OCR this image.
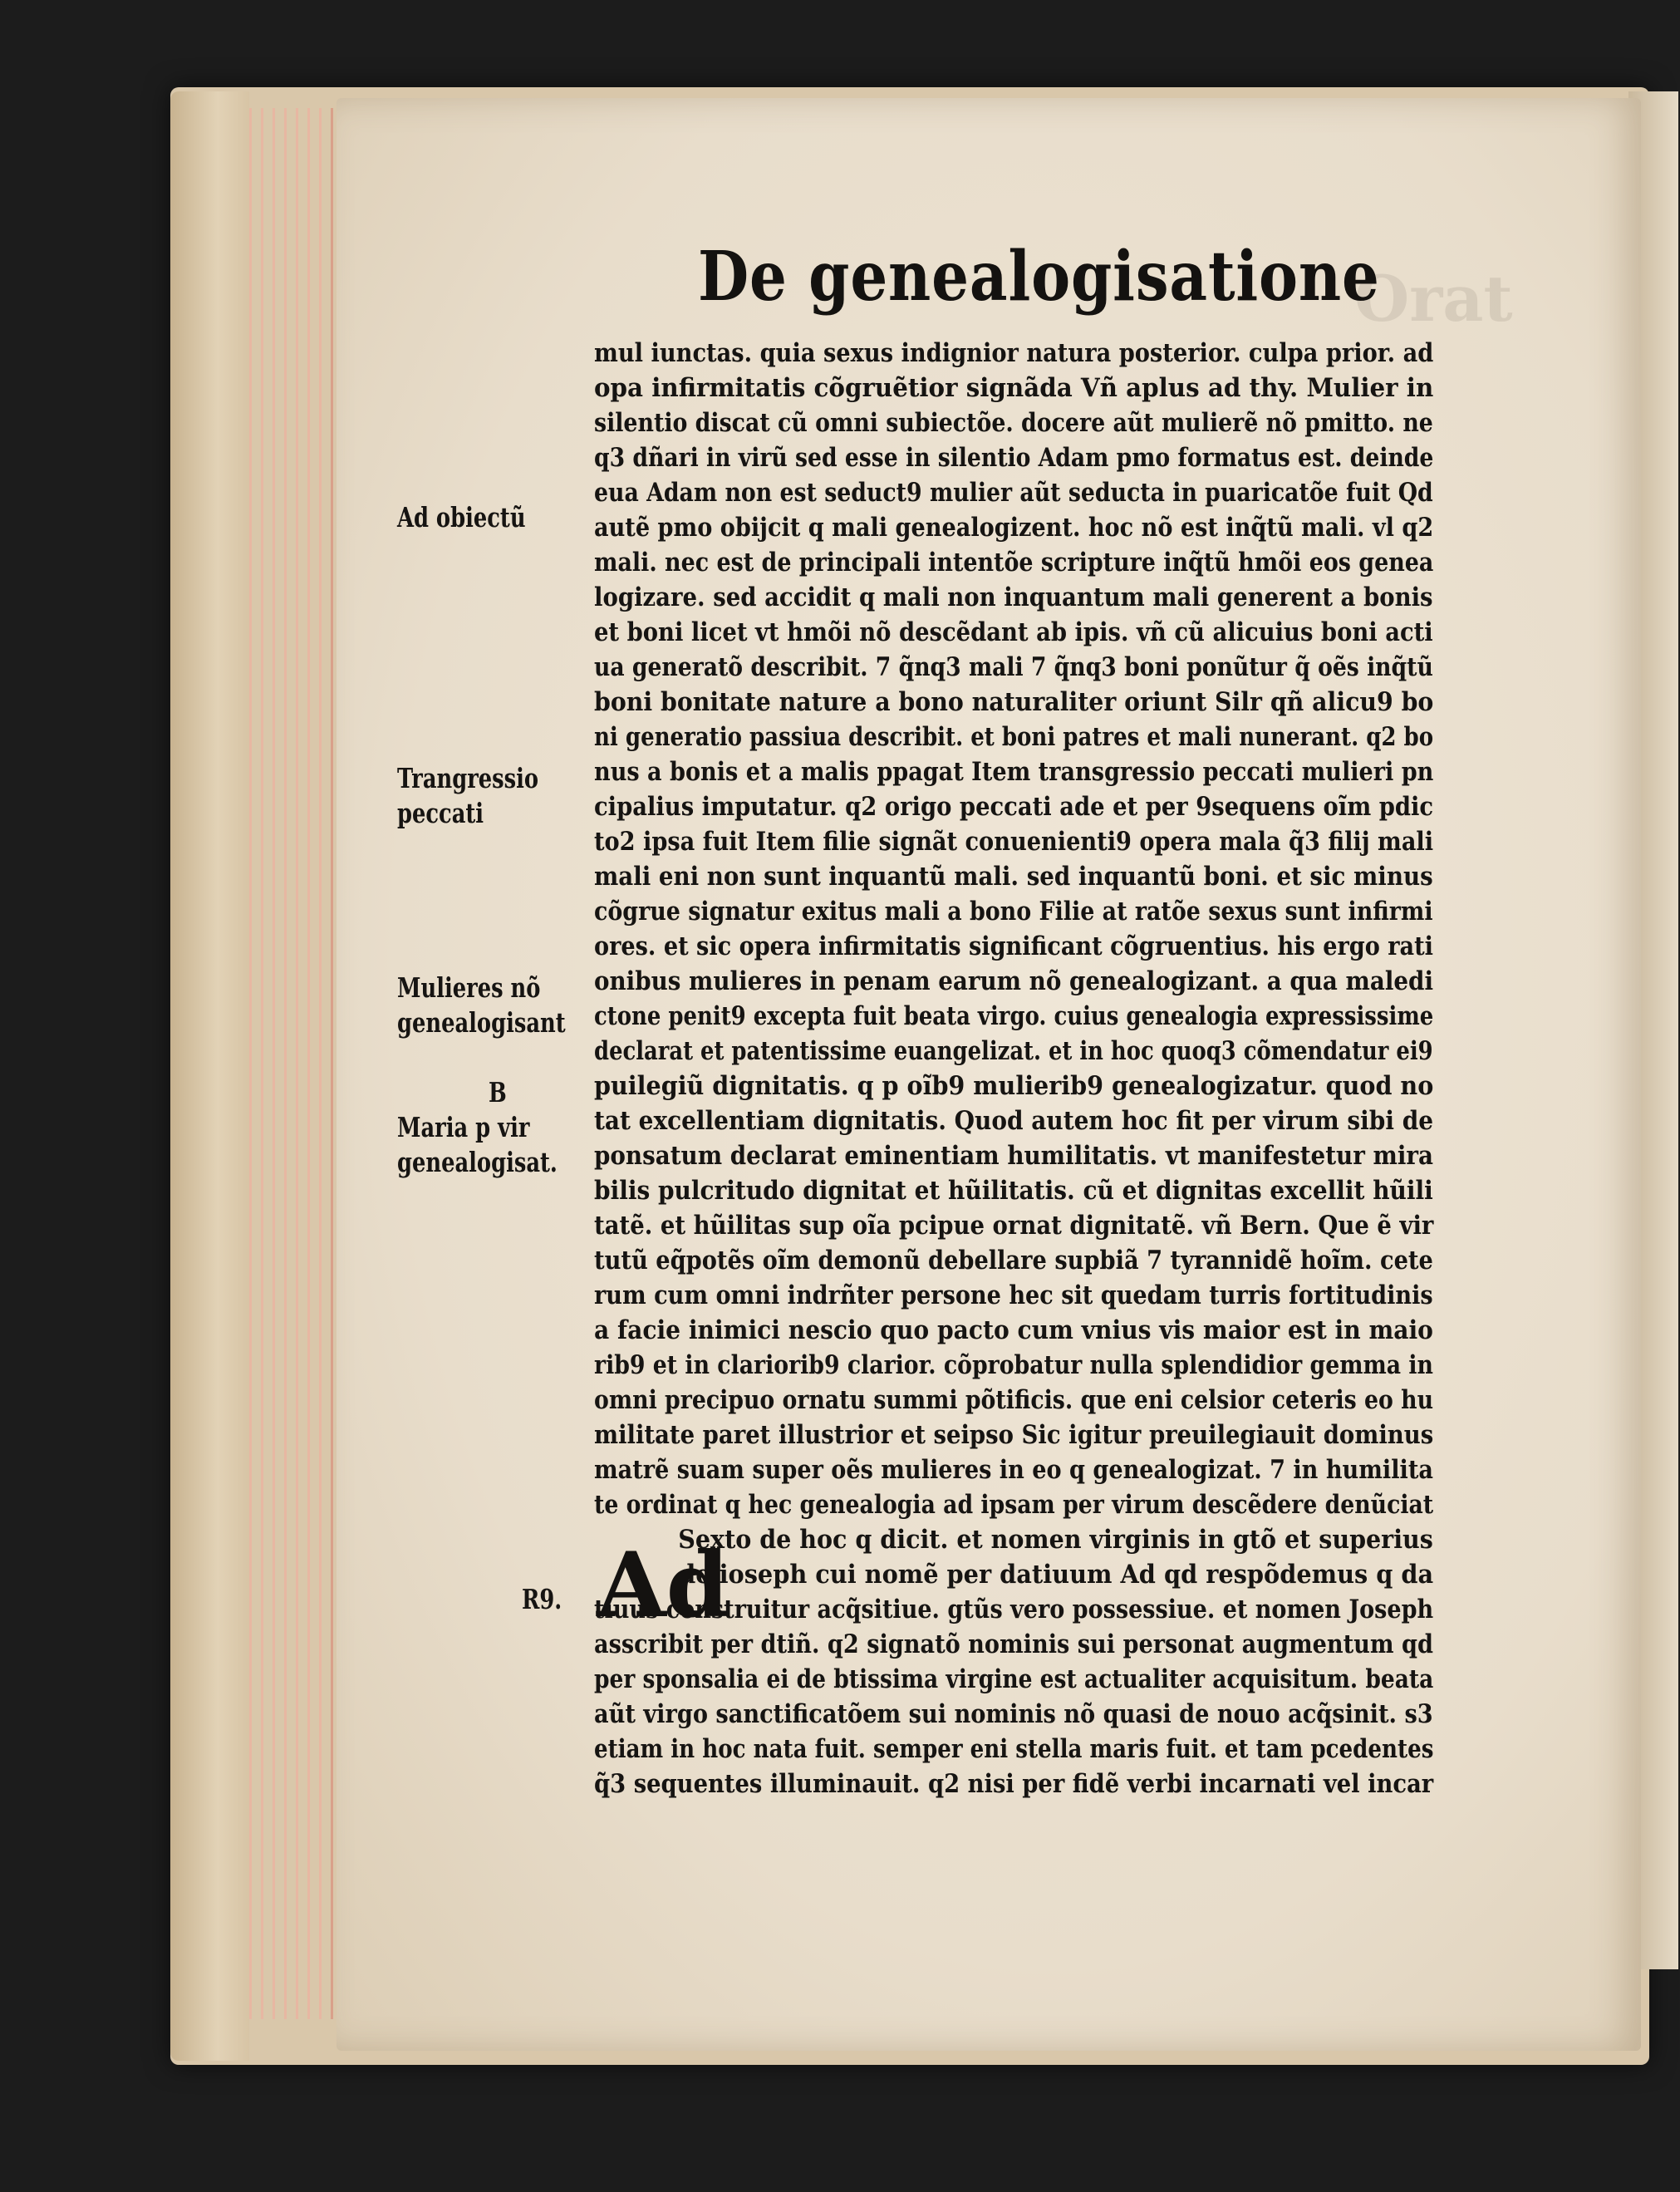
Orat
De genealogisatione
mul iunctas. quia sexus indignior natura posterior. culpa prior. ad
opa infirmitatis cõgruẽtior signãda Vñ aplus ad thy. Mulier in
silentio discat cũ omni subiectõe. docere aũt mulierẽ nõ pmitto. ne
q3 dñari in virũ sed esse in silentio Adam pmo formatus est. deinde
eua Adam non est seduct9 mulier aũt seducta in puaricatõe fuit Qd
autẽ pmo obijcit q mali genealogizent. hoc nõ est inq̃tũ mali. vl q2
mali. nec est de principali intentõe scripture inq̃tũ hmõi eos genea
logizare. sed accidit q mali non inquantum mali generent a bonis
et boni licet vt hmõi nõ descẽdant ab ipis. vñ cũ alicuius boni acti
ua generatõ describit. 7 q̃nq3 mali 7 q̃nq3 boni ponũtur q̃ oẽs inq̃tũ
boni bonitate nature a bono naturaliter oriunt Silr qñ alicu9 bo
ni generatio passiua describit. et boni patres et mali nunerant. q2 bo
nus a bonis et a malis ppagat Item transgressio peccati mulieri pn
cipalius imputatur. q2 origo peccati ade et per 9sequens oĩm pdic
to2 ipsa fuit Item filie signãt conuenienti9 opera mala q̃3 filij mali
mali eni non sunt inquantũ mali. sed inquantũ boni. et sic minus
cõgrue signatur exitus mali a bono Filie at ratõe sexus sunt infirmi
ores. et sic opera infirmitatis significant cõgruentius. his ergo rati
onibus mulieres in penam earum nõ genealogizant. a qua maledi
ctone penit9 excepta fuit beata virgo. cuius genealogia expressissime
declarat et patentissime euangelizat. et in hoc quoq3 cõmendatur ei9
puilegiũ dignitatis. q p oĩb9 mulierib9 genealogizatur. quod no
tat excellentiam dignitatis. Quod autem hoc fit per virum sibi de
ponsatum declarat eminentiam humilitatis. vt manifestetur mira
bilis pulcritudo dignitat et hũilitatis. cũ et dignitas excellit hũili
tatẽ. et hũilitas sup oĩa pcipue ornat dignitatẽ. vñ Bern. Que ẽ vir
tutũ eq̃potẽs oĩm demonũ debellare supbiã 7 tyrannidẽ hoĩm. cete
rum cum omni indrñter persone hec sit quedam turris fortitudinis
a facie inimici nescio quo pacto cum vnius vis maior est in maio
rib9 et in clariorib9 clarior. cõprobatur nulla splendidior gemma in
omni precipuo ornatu summi põtificis. que eni celsior ceteris eo hu
militate paret illustrior et seipso Sic igitur preuilegiauit dominus
matrẽ suam super oẽs mulieres in eo q genealogizat. 7 in humilita
te ordinat q hec genealogia ad ipsam per virum descẽdere denũciat
Sexto de hoc q dicit. et nomen virginis in gtõ et superius
de ioseph cui nomẽ per datiuum Ad qd respõdemus q da
tiuus construitur acq̃sitiue. gtũs vero possessiue. et nomen Joseph
asscribit per dtiñ. q2 signatõ nominis sui personat augmentum qd
per sponsalia ei de btissima virgine est actualiter acquisitum. beata
aũt virgo sanctificatõem sui nominis nõ quasi de nouo acq̃sinit. s3
etiam in hoc nata fuit. semper eni stella maris fuit. et tam pcedentes
q̃3 sequentes illuminauit. q2 nisi per fidẽ verbi incarnati vel incar
Ad
Ad obiectũ
Trangressio
peccati
Mulieres nõ
genealogisant
B
Maria p vir
genealogisat.
R9.
